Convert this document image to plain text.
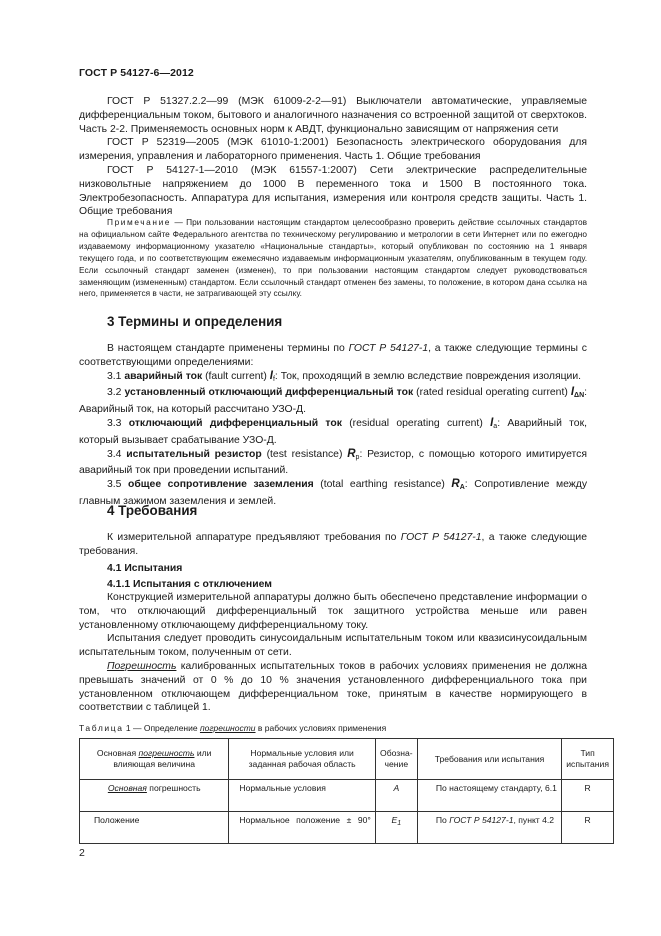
ГОСТ Р 54127-6—2012

ГОСТ Р 51327.2.2—99 (МЭК 61009-2-2—91) Выключатели автоматические, управляемые дифференциальным током, бытового и аналогичного назначения со встроенной защитой от сверхтоков. Часть 2-2. Применяемость основных норм к АВДТ, функционально зависящим от напряжения сети

ГОСТ Р 52319—2005 (МЭК 61010-1:2001) Безопасность электрического оборудования для измерения, управления и лабораторного применения. Часть 1. Общие требования

ГОСТ Р 54127-1—2010 (МЭК 61557-1:2007) Сети электрические распределительные низковольтные напряжением до 1000 В переменного тока и 1500 В постоянного тока. Электробезопасность. Аппаратура для испытания, измерения или контроля средств защиты. Часть 1. Общие требования

Примечание — При пользовании настоящим стандартом целесообразно проверить действие ссылочных стандартов на официальном сайте Федерального агентства по техническому регулированию и метрологии в сети Интернет или по ежегодно издаваемому информационному указателю «Национальные стандарты», который опубликован по состоянию на 1 января текущего года, и по соответствующим ежемесячно издаваемым информационным указателям, опубликованным в текущем году. Если ссылочный стандарт заменен (изменен), то при пользовании настоящим стандартом следует руководствоваться заменяющим (измененным) стандартом. Если ссылочный стандарт отменен без замены, то положение, в котором дана ссылка на него, применяется в части, не затрагивающей эту ссылку.

3 Термины и определения

В настоящем стандарте применены термины по ГОСТ Р 54127-1, а также следующие термины с соответствующими определениями:

3.1 аварийный ток (fault current) $I_f$: Ток, проходящий в землю вследствие повреждения изоляции.

3.2 установленный отключающий дифференциальный ток (rated residual operating current) $I_{\Delta N}$: Аварийный ток, на который рассчитано УЗО-Д.

3.3 отключающий дифференциальный ток (residual operating current) $I_a$: Аварийный ток, который вызывает срабатывание УЗО-Д.

3.4 испытательный резистор (test resistance) $R_p$: Резистор, с помощью которого имитируется аварийный ток при проведении испытаний.

3.5 общее сопротивление заземления (total earthing resistance) $R_A$: Сопротивление между главным зажимом заземления и землей.

4 Требования

К измерительной аппаратуре предъявляют требования по ГОСТ Р 54127-1, а также следующие требования.

4.1 Испытания
4.1.1 Испытания с отключением

Конструкцией измерительной аппаратуры должно быть обеспечено представление информации о том, что отключающий дифференциальный ток защитного устройства меньше или равен установленному отключающему дифференциальному току.

Испытания следует проводить синусоидальным испытательным током или квазисинусоидальным испытательным током, полученным от сети.

Погрешность калиброванных испытательных токов в рабочих условиях применения не должна превышать значений от 0 % до 10 % значения установленного дифференциального тока при установленном отключающем дифференциальном токе, принятым в качестве нормирующего в соответствии с таблицей 1.

Таблица 1 — Определение погрешности в рабочих условиях применения
Основная погрешность или влияющая величина	Нормальные условия или заданная рабочая область	Обозна-чение	Требования или испытания	Тип испытания
Основная погрешность	Нормальные условия	A	По настоящему стандарту, 6.1	R
Положение	Нормальное положение ± 90°	$E_1$	По ГОСТ Р 54127-1, пункт 4.2	R
2
